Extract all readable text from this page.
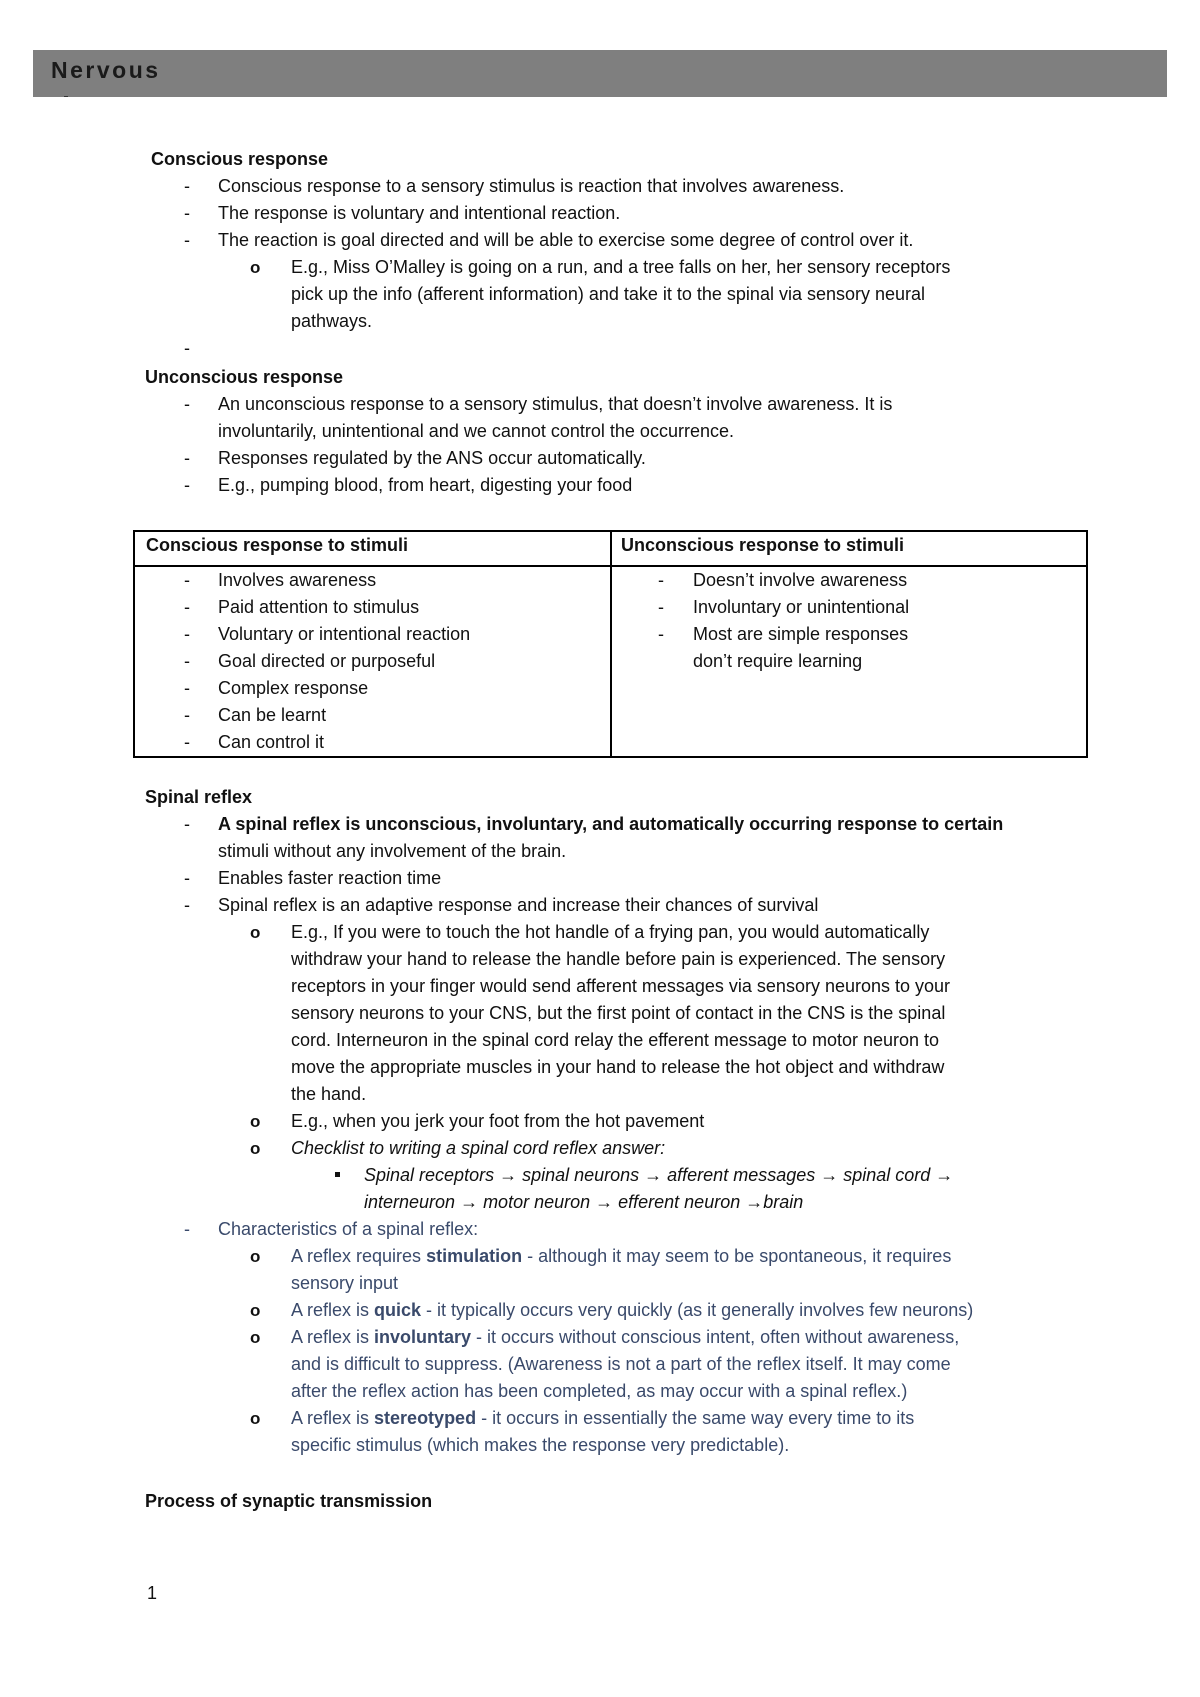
Nervous
Conscious response
- Conscious response to a sensory stimulus is reaction that involves awareness.
- The response is voluntary and intentional reaction.
- The reaction is goal directed and will be able to exercise some degree of control over it.
o E.g., Miss O’Malley is going on a run, and a tree falls on her, her sensory receptors
pick up the info (afferent information) and take it to the spinal via sensory neural
pathways.
-
Unconscious response
- An unconscious response to a sensory stimulus, that doesn’t involve awareness. It is
involuntarily, unintentional and we cannot control the occurrence.
- Responses regulated by the ANS occur automatically.
- E.g., pumping blood, from heart, digesting your food
Conscious response to stimuli	Unconscious response to stimuli
- Involves awareness
- Paid attention to stimulus
- Voluntary or intentional reaction
- Goal directed or purposeful
- Complex response
- Can be learnt
- Can control it
- Doesn’t involve awareness
- Involuntary or unintentional
- Most are simple responses
don’t require learning
Spinal reflex
- A spinal reflex is unconscious, involuntary, and automatically occurring response to certain
stimuli without any involvement of the brain.
- Enables faster reaction time
- Spinal reflex is an adaptive response and increase their chances of survival
o E.g., If you were to touch the hot handle of a frying pan, you would automatically
withdraw your hand to release the handle before pain is experienced. The sensory
receptors in your finger would send afferent messages via sensory neurons to your
sensory neurons to your CNS, but the first point of contact in the CNS is the spinal
cord. Interneuron in the spinal cord relay the efferent message to motor neuron to
move the appropriate muscles in your hand to release the hot object and withdraw
the hand.
o E.g., when you jerk your foot from the hot pavement
o Checklist to writing a spinal cord reflex answer:
Spinal receptors → spinal neurons → afferent messages → spinal cord →
interneuron → motor neuron → efferent neuron →brain
- Characteristics of a spinal reflex:
o A reflex requires stimulation - although it may seem to be spontaneous, it requires
sensory input
o A reflex is quick - it typically occurs very quickly (as it generally involves few neurons)
o A reflex is involuntary - it occurs without conscious intent, often without awareness,
and is difficult to suppress. (Awareness is not a part of the reflex itself. It may come
after the reflex action has been completed, as may occur with a spinal reflex.)
o A reflex is stereotyped - it occurs in essentially the same way every time to its
specific stimulus (which makes the response very predictable).
Process of synaptic transmission
1
